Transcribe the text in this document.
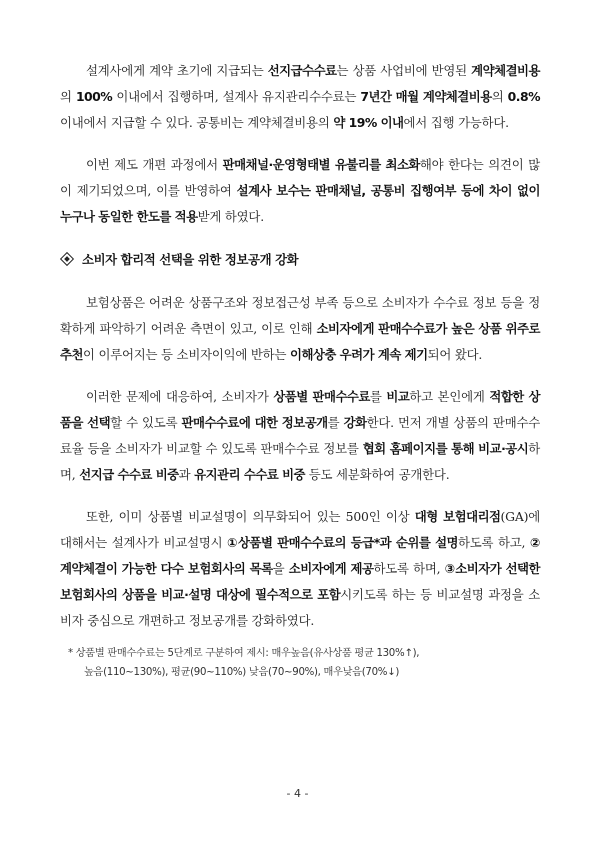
설계사에게 계약 초기에 지급되는 선지급수수료는 상품 사업비에 반영된 계약체결비용의 100% 이내에서 집행하며, 설계사 유지관리수수료는 7년간 매월 계약체결비용의 0.8% 이내에서 지급할 수 있다. 공통비는 계약체결비용의 약 19% 이내에서 집행 가능하다.

이번 제도 개편 과정에서 판매채널·운영형태별 유불리를 최소화해야 한다는 의견이 많이 제기되었으며, 이를 반영하여 설계사 보수는 판매채널, 공통비 집행여부 등에 차이 없이 누구나 동일한 한도를 적용받게 하였다.

소비자 합리적 선택을 위한 정보공개 강화

보험상품은 어려운 상품구조와 정보접근성 부족 등으로 소비자가 수수료 정보 등을 정확하게 파악하기 어려운 측면이 있고, 이로 인해 소비자에게 판매수수료가 높은 상품 위주로 추천이 이루어지는 등 소비자이익에 반하는 이해상충 우려가 계속 제기되어 왔다.

이러한 문제에 대응하여, 소비자가 상품별 판매수수료를 비교하고 본인에게 적합한 상품을 선택할 수 있도록 판매수수료에 대한 정보공개를 강화한다. 먼저 개별 상품의 판매수수료율 등을 소비자가 비교할 수 있도록 판매수수료 정보를 협회 홈페이지를 통해 비교·공시하며, 선지급 수수료 비중과 유지관리 수수료 비중 등도 세분화하여 공개한다.

또한, 이미 상품별 비교설명이 의무화되어 있는 500인 이상 대형 보험대리점(GA)에 대해서는 설계사가 비교설명시 ①상품별 판매수수료의 등급*과 순위를 설명하도록 하고, ②계약체결이 가능한 다수 보험회사의 목록을 소비자에게 제공하도록 하며, ③소비자가 선택한 보험회사의 상품을 비교·설명 대상에 필수적으로 포함시키도록 하는 등 비교설명 과정을 소비자 중심으로 개편하고 정보공개를 강화하였다.

* 상품별 판매수수료는 5단계로 구분하여 제시: 매우높음(유사상품 평균 130%↑),
높음(110~130%), 평균(90~110%) 낮음(70~90%), 매우낮음(70%↓)
- 4 -
